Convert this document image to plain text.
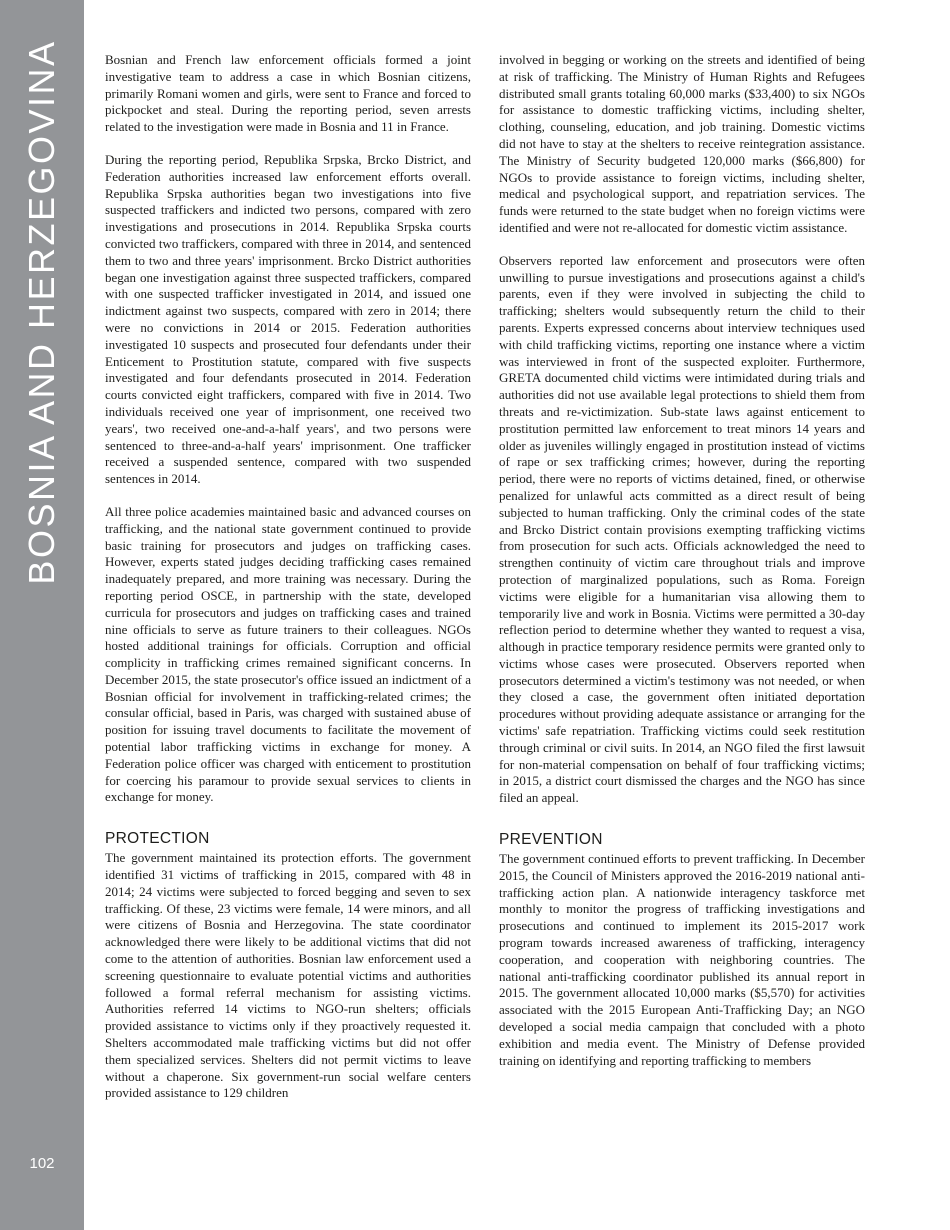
BOSNIA AND HERZEGOVINA
102

Bosnian and French law enforcement officials formed a joint investigative team to address a case in which Bosnian citizens, primarily Romani women and girls, were sent to France and forced to pickpocket and steal. During the reporting period, seven arrests related to the investigation were made in Bosnia and 11 in France.

During the reporting period, Republika Srpska, Brcko District, and Federation authorities increased law enforcement efforts overall. Republika Srpska authorities began two investigations into five suspected traffickers and indicted two persons, compared with zero investigations and prosecutions in 2014. Republika Srpska courts convicted two traffickers, compared with three in 2014, and sentenced them to two and three years' imprisonment. Brcko District authorities began one investigation against three suspected traffickers, compared with one suspected trafficker investigated in 2014, and issued one indictment against two suspects, compared with zero in 2014; there were no convictions in 2014 or 2015. Federation authorities investigated 10 suspects and prosecuted four defendants under their Enticement to Prostitution statute, compared with five suspects investigated and four defendants prosecuted in 2014. Federation courts convicted eight traffickers, compared with five in 2014. Two individuals received one year of imprisonment, one received two years', two received one-and-a-half years', and two persons were sentenced to three-and-a-half years' imprisonment. One trafficker received a suspended sentence, compared with two suspended sentences in 2014.

All three police academies maintained basic and advanced courses on trafficking, and the national state government continued to provide basic training for prosecutors and judges on trafficking cases. However, experts stated judges deciding trafficking cases remained inadequately prepared, and more training was necessary. During the reporting period OSCE, in partnership with the state, developed curricula for prosecutors and judges on trafficking cases and trained nine officials to serve as future trainers to their colleagues. NGOs hosted additional trainings for officials. Corruption and official complicity in trafficking crimes remained significant concerns. In December 2015, the state prosecutor's office issued an indictment of a Bosnian official for involvement in trafficking-related crimes; the consular official, based in Paris, was charged with sustained abuse of position for issuing travel documents to facilitate the movement of potential labor trafficking victims in exchange for money. A Federation police officer was charged with enticement to prostitution for coercing his paramour to provide sexual services to clients in exchange for money.

PROTECTION

The government maintained its protection efforts. The government identified 31 victims of trafficking in 2015, compared with 48 in 2014; 24 victims were subjected to forced begging and seven to sex trafficking. Of these, 23 victims were female, 14 were minors, and all were citizens of Bosnia and Herzegovina. The state coordinator acknowledged there were likely to be additional victims that did not come to the attention of authorities. Bosnian law enforcement used a screening questionnaire to evaluate potential victims and authorities followed a formal referral mechanism for assisting victims. Authorities referred 14 victims to NGO-run shelters; officials provided assistance to victims only if they proactively requested it. Shelters accommodated male trafficking victims but did not offer them specialized services. Shelters did not permit victims to leave without a chaperone. Six government-run social welfare centers provided assistance to 129 children

involved in begging or working on the streets and identified of being at risk of trafficking. The Ministry of Human Rights and Refugees distributed small grants totaling 60,000 marks ($33,400) to six NGOs for assistance to domestic trafficking victims, including shelter, clothing, counseling, education, and job training. Domestic victims did not have to stay at the shelters to receive reintegration assistance. The Ministry of Security budgeted 120,000 marks ($66,800) for NGOs to provide assistance to foreign victims, including shelter, medical and psychological support, and repatriation services. The funds were returned to the state budget when no foreign victims were identified and were not re-allocated for domestic victim assistance.

Observers reported law enforcement and prosecutors were often unwilling to pursue investigations and prosecutions against a child's parents, even if they were involved in subjecting the child to trafficking; shelters would subsequently return the child to their parents. Experts expressed concerns about interview techniques used with child trafficking victims, reporting one instance where a victim was interviewed in front of the suspected exploiter. Furthermore, GRETA documented child victims were intimidated during trials and authorities did not use available legal protections to shield them from threats and re-victimization. Sub-state laws against enticement to prostitution permitted law enforcement to treat minors 14 years and older as juveniles willingly engaged in prostitution instead of victims of rape or sex trafficking crimes; however, during the reporting period, there were no reports of victims detained, fined, or otherwise penalized for unlawful acts committed as a direct result of being subjected to human trafficking. Only the criminal codes of the state and Brcko District contain provisions exempting trafficking victims from prosecution for such acts. Officials acknowledged the need to strengthen continuity of victim care throughout trials and improve protection of marginalized populations, such as Roma. Foreign victims were eligible for a humanitarian visa allowing them to temporarily live and work in Bosnia. Victims were permitted a 30-day reflection period to determine whether they wanted to request a visa, although in practice temporary residence permits were granted only to victims whose cases were prosecuted. Observers reported when prosecutors determined a victim's testimony was not needed, or when they closed a case, the government often initiated deportation procedures without providing adequate assistance or arranging for the victims' safe repatriation. Trafficking victims could seek restitution through criminal or civil suits. In 2014, an NGO filed the first lawsuit for non-material compensation on behalf of four trafficking victims; in 2015, a district court dismissed the charges and the NGO has since filed an appeal.

PREVENTION

The government continued efforts to prevent trafficking. In December 2015, the Council of Ministers approved the 2016-2019 national anti-trafficking action plan. A nationwide interagency taskforce met monthly to monitor the progress of trafficking investigations and prosecutions and continued to implement its 2015-2017 work program towards increased awareness of trafficking, interagency cooperation, and cooperation with neighboring countries. The national anti-trafficking coordinator published its annual report in 2015. The government allocated 10,000 marks ($5,570) for activities associated with the 2015 European Anti-Trafficking Day; an NGO developed a social media campaign that concluded with a photo exhibition and media event. The Ministry of Defense provided training on identifying and reporting trafficking to members
